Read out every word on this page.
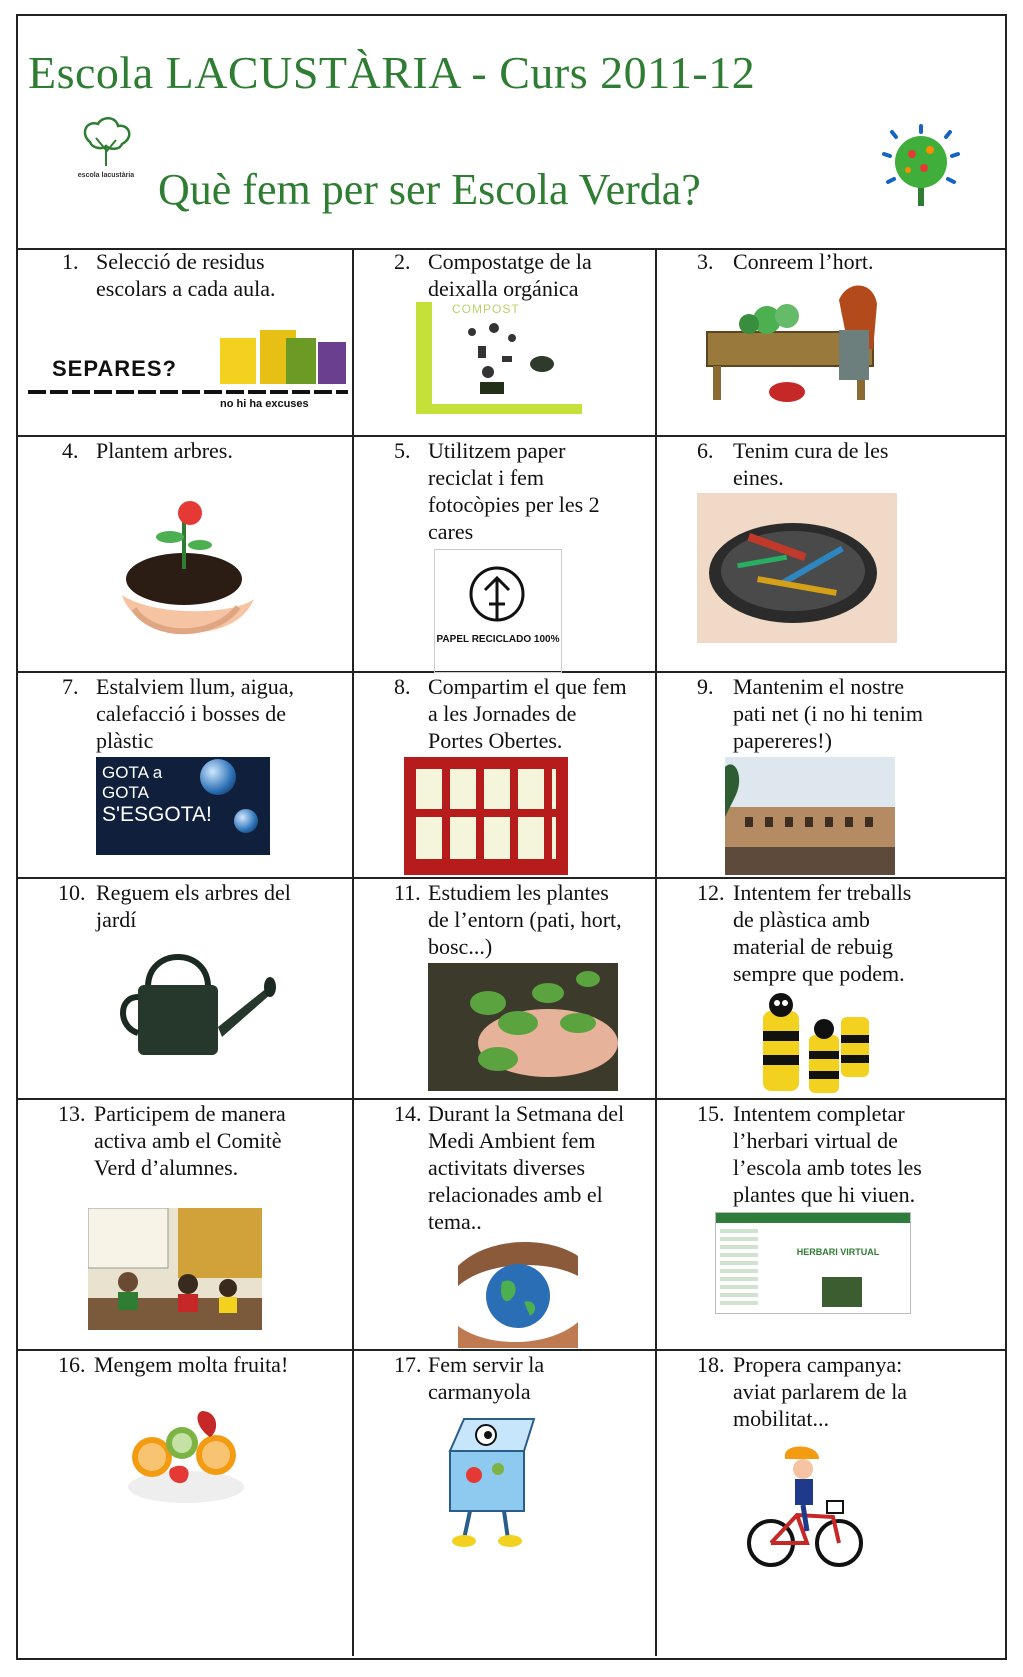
Escola LACUSTÀRIA - Curs 2011-12
escola lacustària Què fem per ser Escola Verda?
1. Selecció de residus
escolars a cada aula.
SEPARES?
no hi ha excuses
2. Compostatge de la
deixalla orgánica
COMPOST
3. Conreem l’hort.
4. Plantem arbres.	5. Utilitzem paper
reciclat i fem
fotocòpies per les 2
cares
PAPEL RECICLADO 100%
6. Tenim cura de les
eines.
7. Estalviem llum, aigua,
calefacció i bosses de
plàstic
GOTA a
GOTA
S'ESGOTA!
8. Compartim el que fem
a les Jornades de
Portes Obertes.
9. Mantenim el nostre
pati net (i no hi tenim
papereres!)
10. Reguem els arbres del
jardí
11. Estudiem les plantes
de l’entorn (pati, hort,
bosc...)
12. Intentem fer treballs
de plàstica amb
material de rebuig
sempre que podem.
13. Participem de manera
activa amb el Comitè
Verd d’alumnes.
14. Durant la Setmana del
Medi Ambient fem
activitats diverses
relacionades amb el
tema..
15. Intentem completar
l’herbari virtual de
l’escola amb totes les
plantes que hi viuen.
HERBARI VIRTUAL
16. Mengem molta fruita!	17. Fem servir la
carmanyola
18. Propera campanya:
aviat parlarem de la
mobilitat...
